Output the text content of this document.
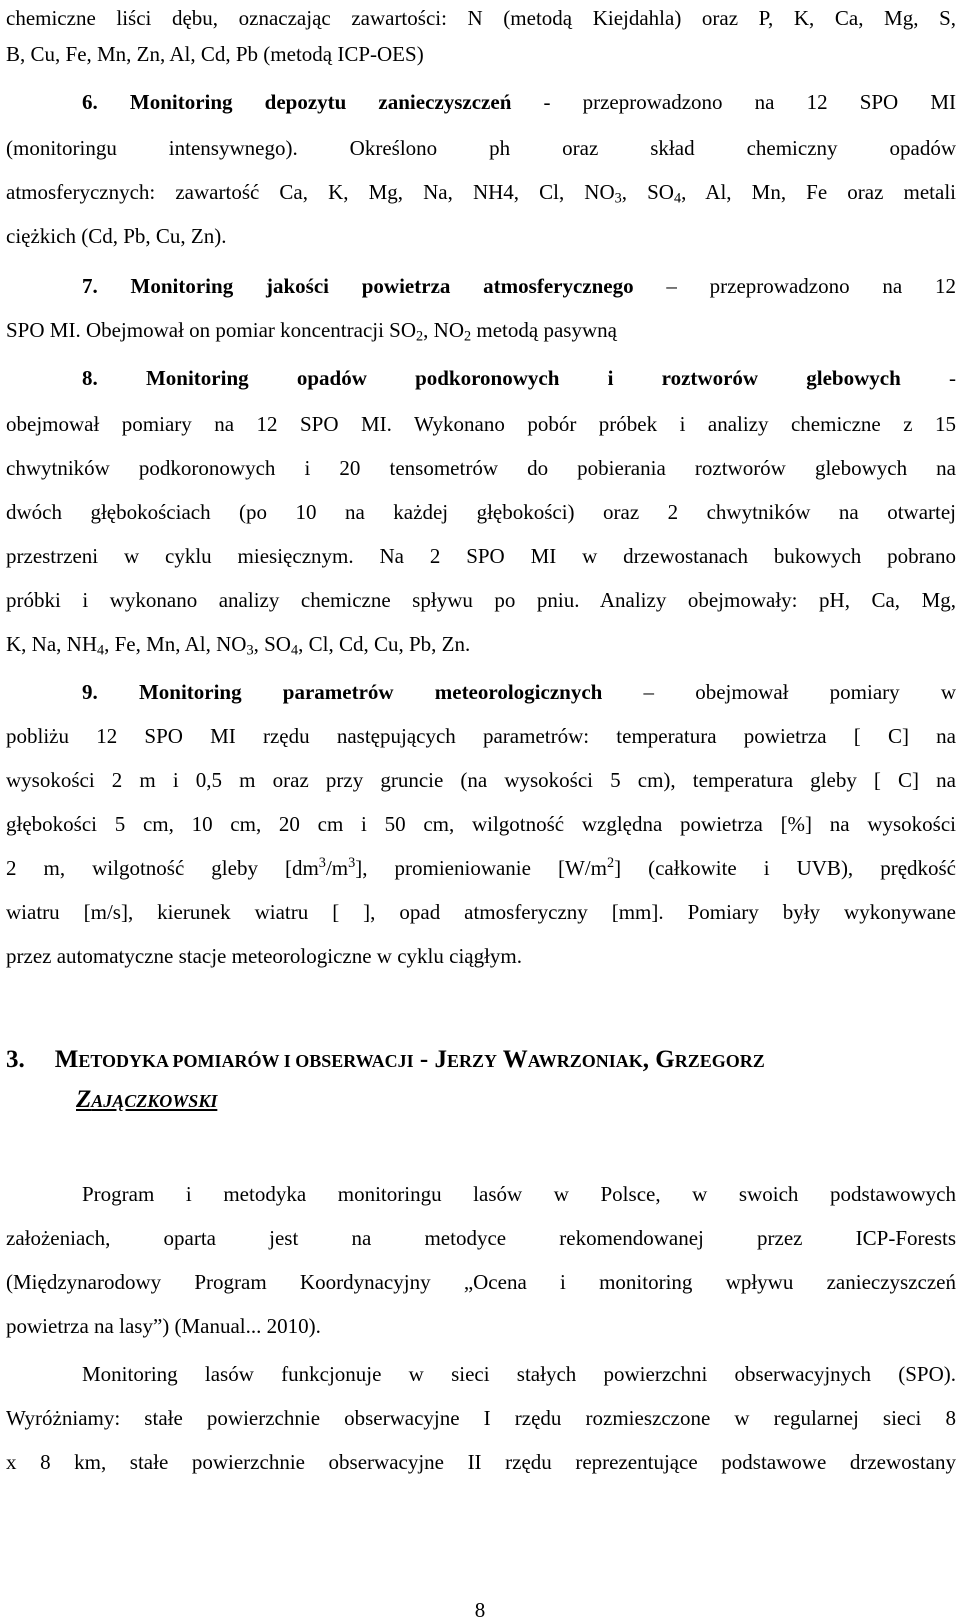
chemiczne liści dębu, oznaczając zawartości: N (metodą Kiejdahla) oraz P, K, Ca, Mg, S,
B, Cu, Fe, Mn, Zn, Al, Cd, Pb (metodą ICP-OES)
6. Monitoring depozytu zanieczyszczeń - przeprowadzono na 12 SPO MI
(monitoringu intensywnego). Określono ph oraz skład chemiczny opadów
atmosferycznych: zawartość Ca, K, Mg, Na, NH4, Cl, $NO_3$, $SO_4$, Al, Mn, Fe oraz metali
ciężkich (Cd, Pb, Cu, Zn).
7. Monitoring jakości powietrza atmosferycznego – przeprowadzono na 12
SPO MI. Obejmował on pomiar koncentracji $SO_2$, $NO_2$ metodą pasywną
8. Monitoring opadów podkoronowych i roztworów glebowych -
obejmował pomiary na 12 SPO MI. Wykonano pobór próbek i analizy chemiczne z 15
chwytników podkoronowych i 20 tensometrów do pobierania roztworów glebowych na
dwóch głębokościach (po 10 na każdej głębokości) oraz 2 chwytników na otwartej
przestrzeni w cyklu miesięcznym. Na 2 SPO MI w drzewostanach bukowych pobrano
próbki i wykonano analizy chemiczne spływu po pniu. Analizy obejmowały: pH, Ca, Mg,
K, Na, $NH_4$, Fe, Mn, Al, $NO_3$, $SO_4$, Cl, Cd, Cu, Pb, Zn.
9. Monitoring parametrów meteorologicznych – obejmował pomiary w
pobliżu 12 SPO MI rzędu następujących parametrów: temperatura powietrza [ C] na
wysokości 2 m i 0,5 m oraz przy gruncie (na wysokości 5 cm), temperatura gleby [ C] na
głębokości 5 cm, 10 cm, 20 cm i 50 cm, wilgotność względna powietrza [%] na wysokości
2 m, wilgotność gleby $[dm^3/m^3]$, promieniowanie $[W/m^2]$ (całkowite i UVB), prędkość
wiatru [m/s], kierunek wiatru [ ], opad atmosferyczny [mm]. Pomiary były wykonywane
przez automatyczne stacje meteorologiczne w cyklu ciągłym.
3. METODYKA POMIARÓW I OBSERWACJI - JERZY WAWRZONIAK, GRZEGORZ
ZAJĄCZKOWSKI
Program i metodyka monitoringu lasów w Polsce, w swoich podstawowych
założeniach, oparta jest na metodyce rekomendowanej przez ICP-Forests
(Międzynarodowy Program Koordynacyjny „Ocena i monitoring wpływu zanieczyszczeń
powietrza na lasy”) (Manual... 2010).
Monitoring lasów funkcjonuje w sieci stałych powierzchni obserwacyjnych (SPO).
Wyróżniamy: stałe powierzchnie obserwacyjne I rzędu rozmieszczone w regularnej sieci 8
x 8 km, stałe powierzchnie obserwacyjne II rzędu reprezentujące podstawowe drzewostany
8
